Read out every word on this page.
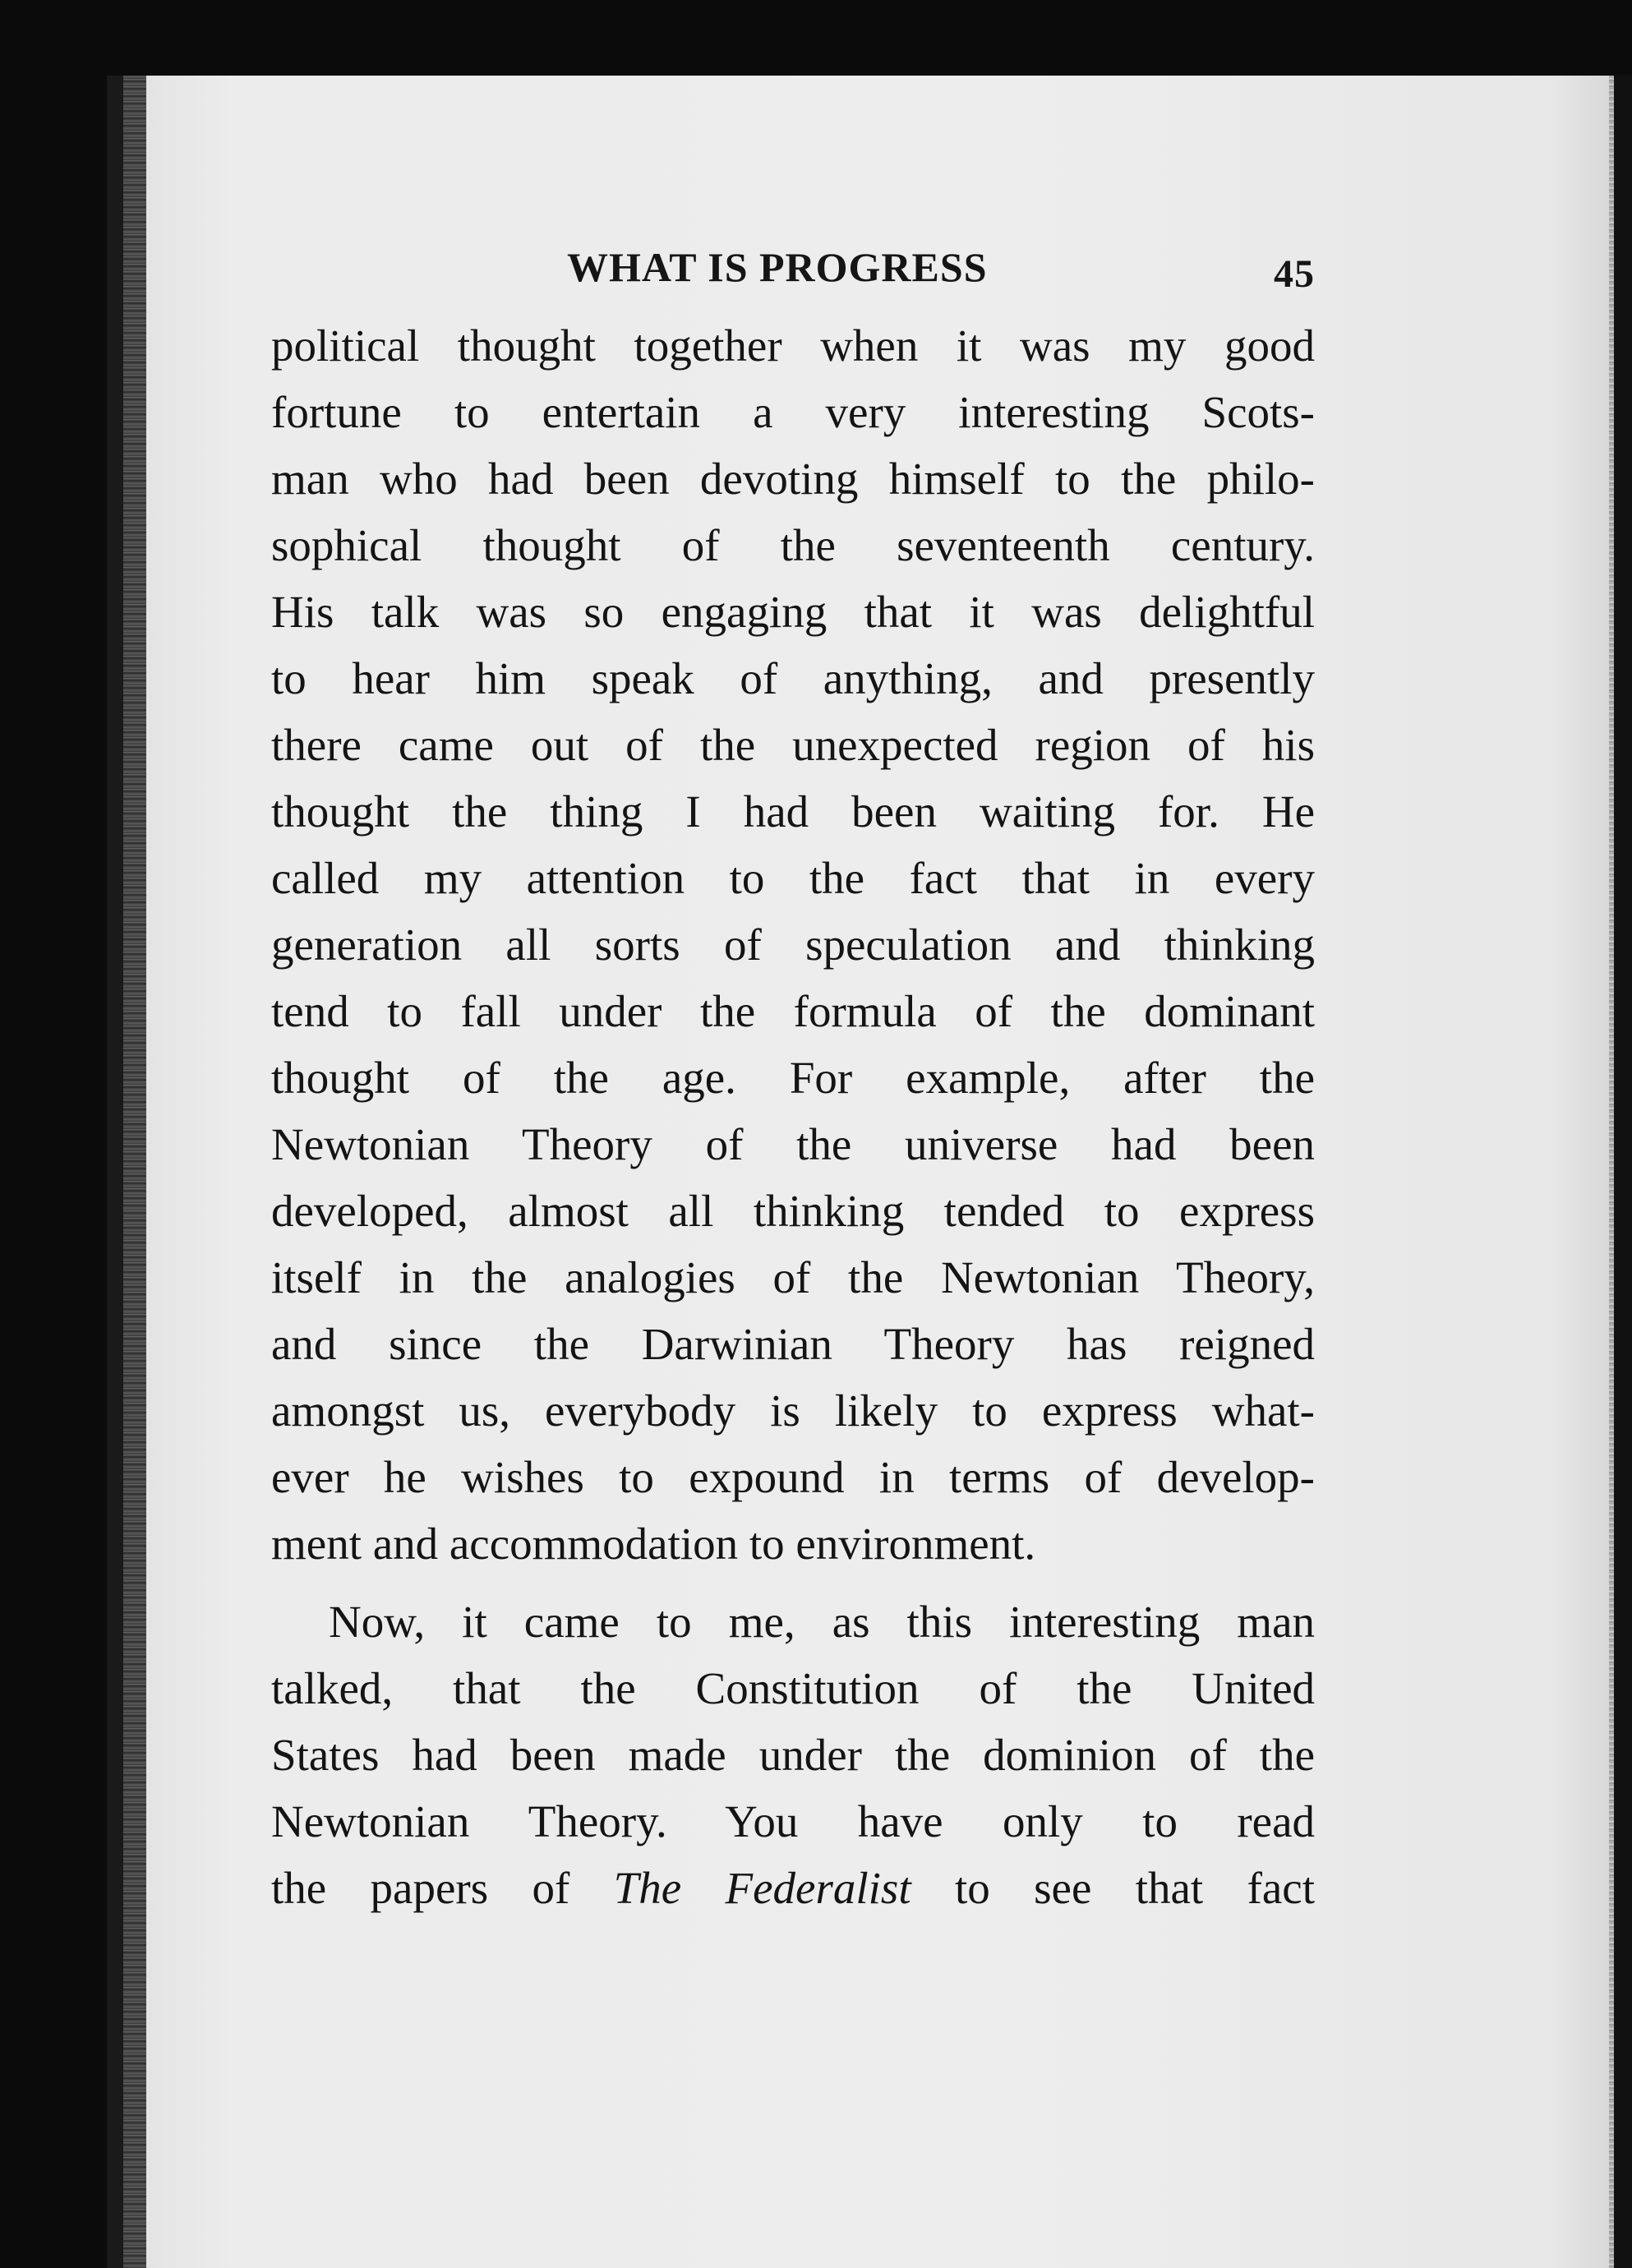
WHAT IS PROGRESS	45
political thought together when it was my good
fortune to entertain a very interesting Scots-
man who had been devoting himself to the philo-
sophical thought of the seventeenth century.
His talk was so engaging that it was delightful
to hear him speak of anything, and presently
there came out of the unexpected region of his
thought the thing I had been waiting for. He
called my attention to the fact that in every
generation all sorts of speculation and thinking
tend to fall under the formula of the dominant
thought of the age. For example, after the
Newtonian Theory of the universe had been
developed, almost all thinking tended to express
itself in the analogies of the Newtonian Theory,
and since the Darwinian Theory has reigned
amongst us, everybody is likely to express what-
ever he wishes to expound in terms of develop-
ment and accommodation to environment.
Now, it came to me, as this interesting man
talked, that the Constitution of the United
States had been made under the dominion of the
Newtonian Theory. You have only to read
the papers of The Federalist to see that fact
